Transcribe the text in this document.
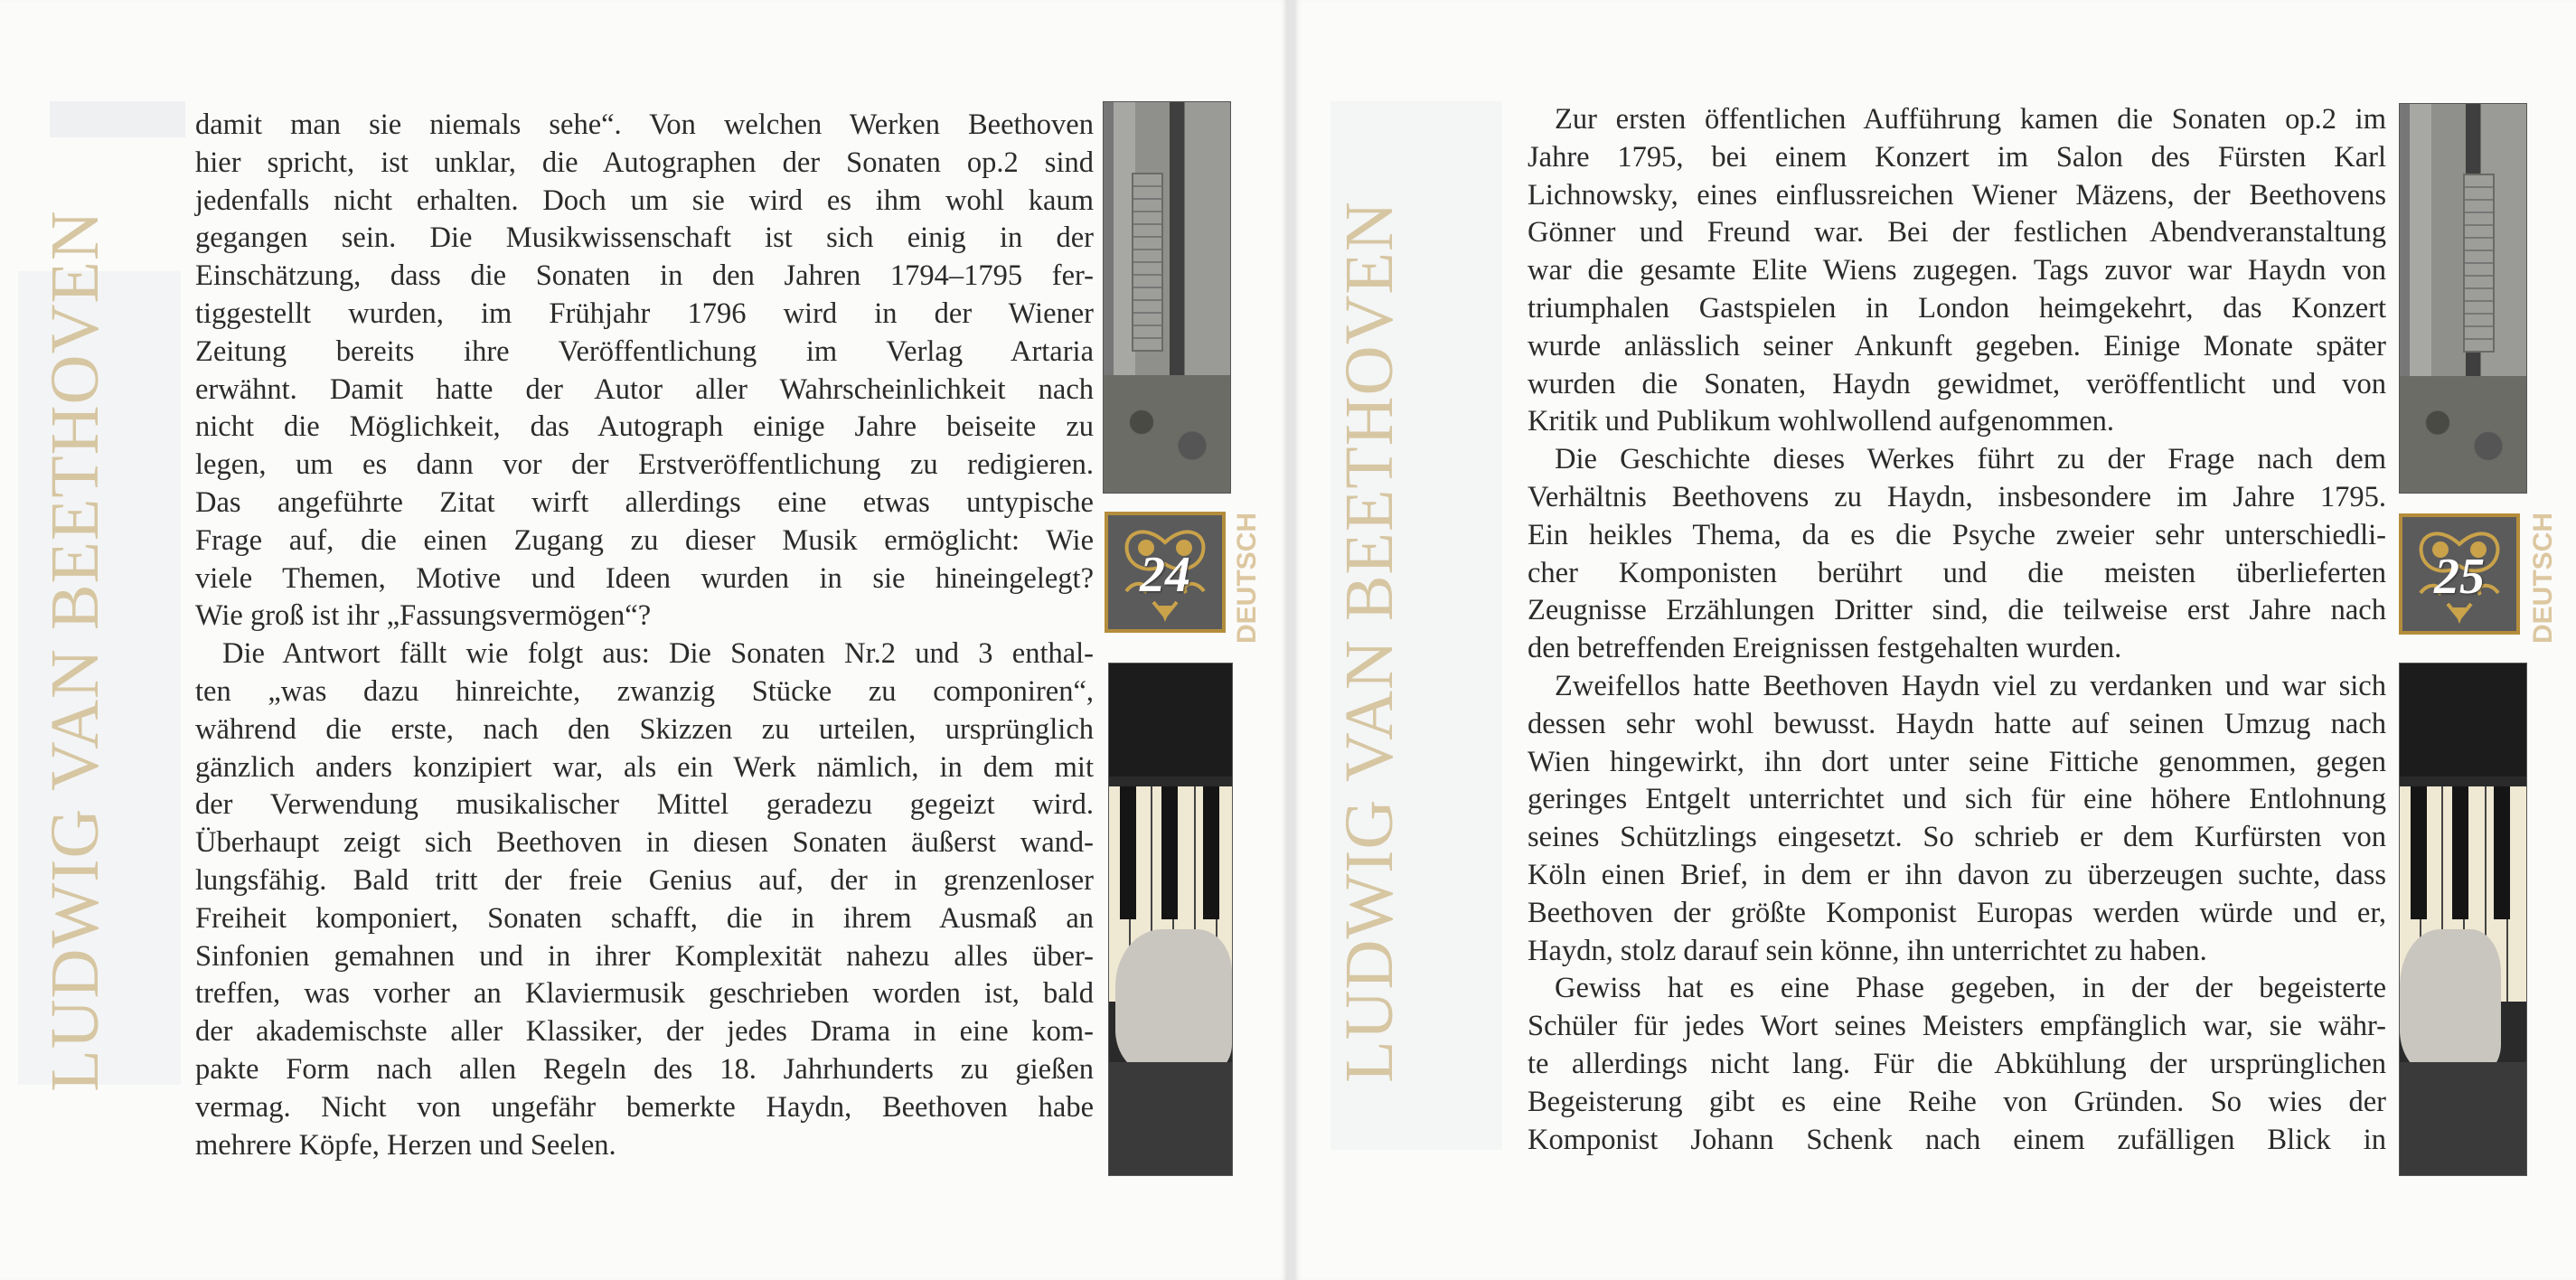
LUDWIG VAN BEETHOVEN
damit man sie niemals sehe“. Von welchen Werken Beethoven
hier spricht, ist unklar, die Autographen der Sonaten op.2 sind
jedenfalls nicht erhalten. Doch um sie wird es ihm wohl kaum
gegangen sein. Die Musikwissenschaft ist sich einig in der
Einschätzung, dass die Sonaten in den Jahren 1794–1795 fer-
tiggestellt wurden, im Frühjahr 1796 wird in der Wiener
Zeitung bereits ihre Veröffentlichung im Verlag Artaria
erwähnt. Damit hatte der Autor aller Wahrscheinlichkeit nach
nicht die Möglichkeit, das Autograph einige Jahre beiseite zu
legen, um es dann vor der Erstveröffentlichung zu redigieren.
Das angeführte Zitat wirft allerdings eine etwas untypische
Frage auf, die einen Zugang zu dieser Musik ermöglicht: Wie
viele Themen, Motive und Ideen wurden in sie hineingelegt?
Wie groß ist ihr „Fassungsvermögen“?
Die Antwort fällt wie folgt aus: Die Sonaten Nr.2 und 3 enthal-
ten „was dazu hinreichte, zwanzig Stücke zu componiren“,
während die erste, nach den Skizzen zu urteilen, ursprünglich
gänzlich anders konzipiert war, als ein Werk nämlich, in dem mit
der Verwendung musikalischer Mittel geradezu gegeizt wird.
Überhaupt zeigt sich Beethoven in diesen Sonaten äußerst wand-
lungsfähig. Bald tritt der freie Genius auf, der in grenzenloser
Freiheit komponiert, Sonaten schafft, die in ihrem Ausmaß an
Sinfonien gemahnen und in ihrer Komplexität nahezu alles über-
treffen, was vorher an Klaviermusik geschrieben worden ist, bald
der akademischste aller Klassiker, der jedes Drama in eine kom-
pakte Form nach allen Regeln des 18. Jahrhunderts zu gießen
vermag. Nicht von ungefähr bemerkte Haydn, Beethoven habe
mehrere Köpfe, Herzen und Seelen.
24	DEUTSCH LUDWIG VAN BEETHOVEN
Zur ersten öffentlichen Aufführung kamen die Sonaten op.2 im
Jahre 1795, bei einem Konzert im Salon des Fürsten Karl
Lichnowsky, eines einflussreichen Wiener Mäzens, der Beethovens
Gönner und Freund war. Bei der festlichen Abendveranstaltung
war die gesamte Elite Wiens zugegen. Tags zuvor war Haydn von
triumphalen Gastspielen in London heimgekehrt, das Konzert
wurde anlässlich seiner Ankunft gegeben. Einige Monate später
wurden die Sonaten, Haydn gewidmet, veröffentlicht und von
Kritik und Publikum wohlwollend aufgenommen.
Die Geschichte dieses Werkes führt zu der Frage nach dem
Verhältnis Beethovens zu Haydn, insbesondere im Jahre 1795.
Ein heikles Thema, da es die Psyche zweier sehr unterschiedli-
cher Komponisten berührt und die meisten überlieferten
Zeugnisse Erzählungen Dritter sind, die teilweise erst Jahre nach
den betreffenden Ereignissen festgehalten wurden.
Zweifellos hatte Beethoven Haydn viel zu verdanken und war sich
dessen sehr wohl bewusst. Haydn hatte auf seinen Umzug nach
Wien hingewirkt, ihn dort unter seine Fittiche genommen, gegen
geringes Entgelt unterrichtet und sich für eine höhere Entlohnung
seines Schützlings eingesetzt. So schrieb er dem Kurfürsten von
Köln einen Brief, in dem er ihn davon zu überzeugen suchte, dass
Beethoven der größte Komponist Europas werden würde und er,
Haydn, stolz darauf sein könne, ihn unterrichtet zu haben.
Gewiss hat es eine Phase gegeben, in der der begeisterte
Schüler für jedes Wort seines Meisters empfänglich war, sie währ-
te allerdings nicht lang. Für die Abkühlung der ursprünglichen
Begeisterung gibt es eine Reihe von Gründen. So wies der
Komponist Johann Schenk nach einem zufälligen Blick in
25	DEUTSCH
